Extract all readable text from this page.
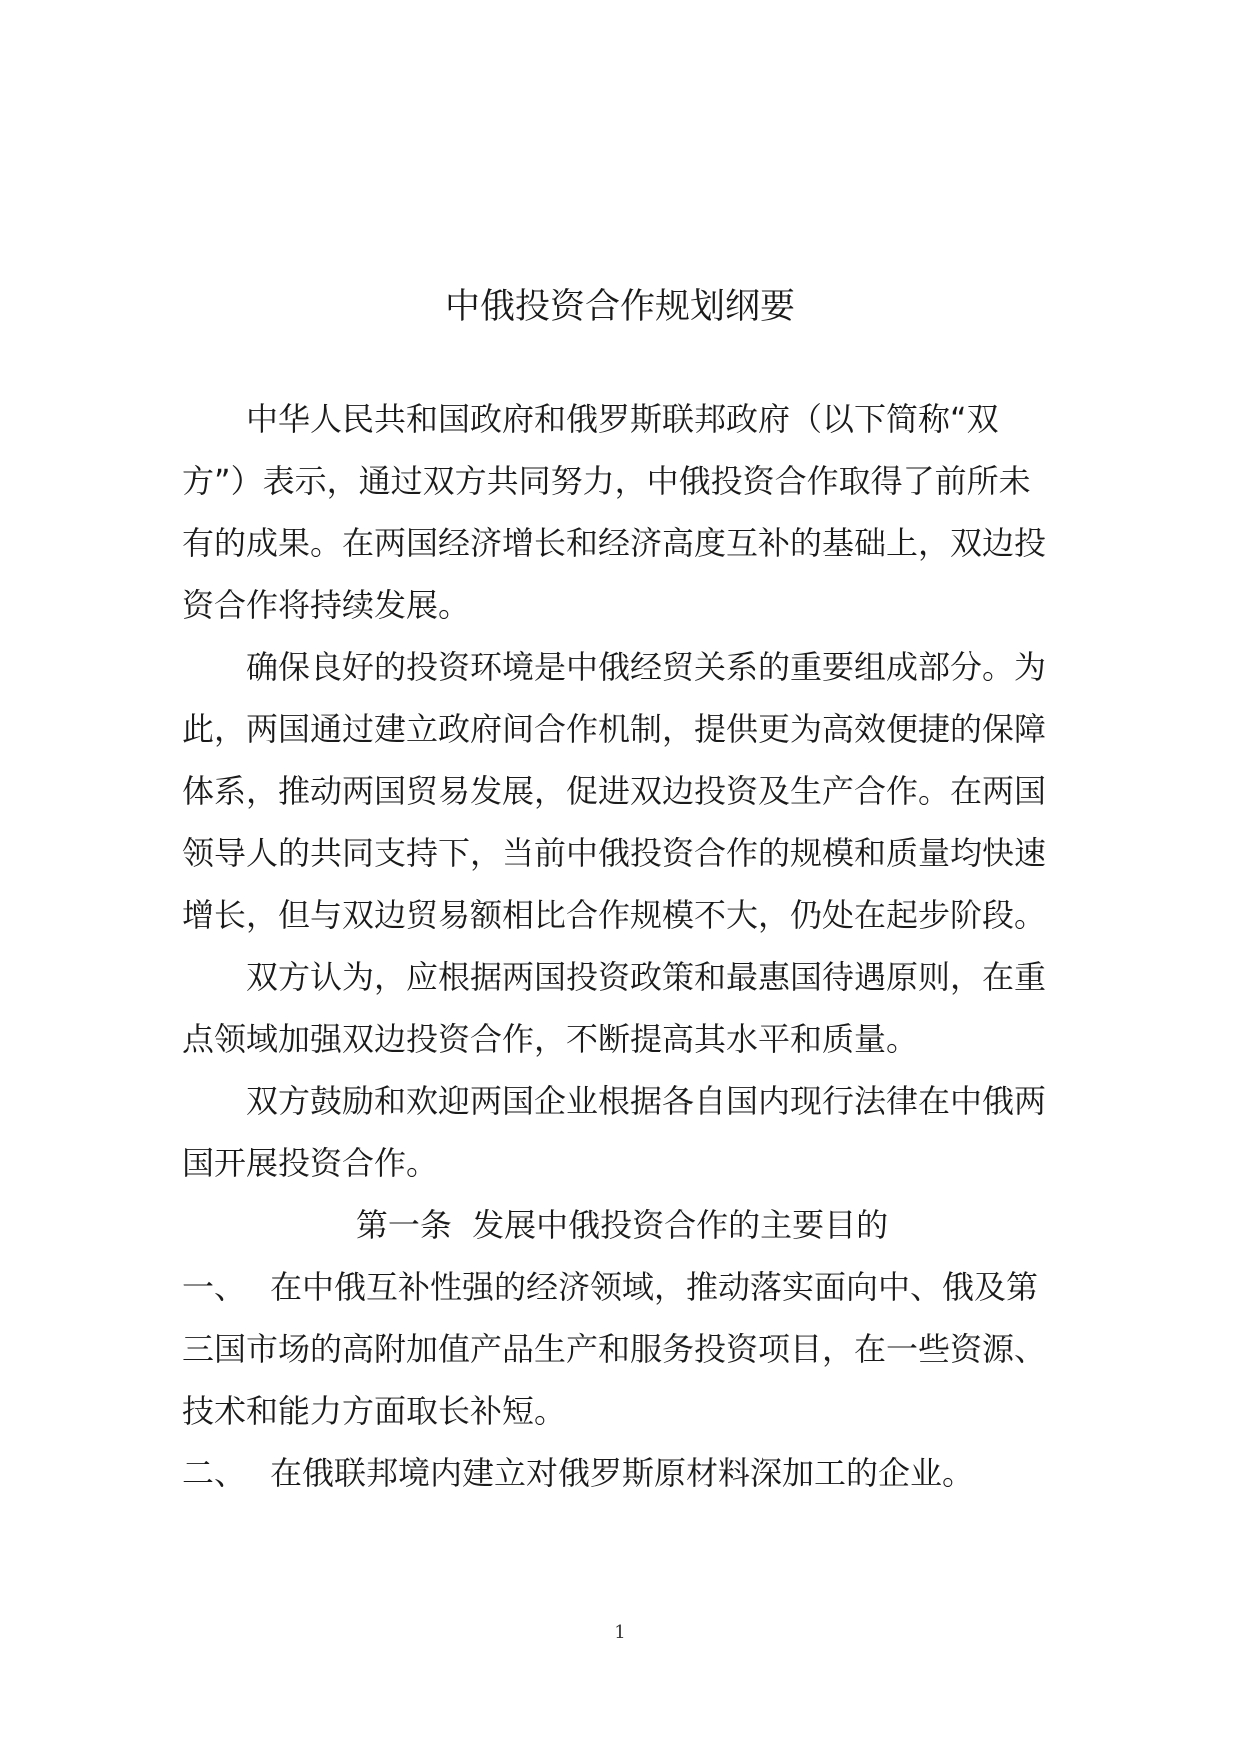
中俄投资合作规划纲要

中华人民共和国政府和俄罗斯联邦政府（以下简称“双方”）表示，通过双方共同努力，中俄投资合作取得了前所未有的成果。在两国经济增长和经济高度互补的基础上，双边投资合作将持续发展。

确保良好的投资环境是中俄经贸关系的重要组成部分。为此，两国通过建立政府间合作机制，提供更为高效便捷的保障体系，推动两国贸易发展，促进双边投资及生产合作。在两国领导人的共同支持下，当前中俄投资合作的规模和质量均快速增长，但与双边贸易额相比合作规模不大，仍处在起步阶段。

双方认为，应根据两国投资政策和最惠国待遇原则，在重点领域加强双边投资合作，不断提高其水平和质量。

双方鼓励和欢迎两国企业根据各自国内现行法律在中俄两国开展投资合作。

第一条  发展中俄投资合作的主要目的

一、 在中俄互补性强的经济领域，推动落实面向中、俄及第三国市场的高附加值产品生产和服务投资项目，在一些资源、技术和能力方面取长补短。

二、 在俄联邦境内建立对俄罗斯原材料深加工的企业。

1
